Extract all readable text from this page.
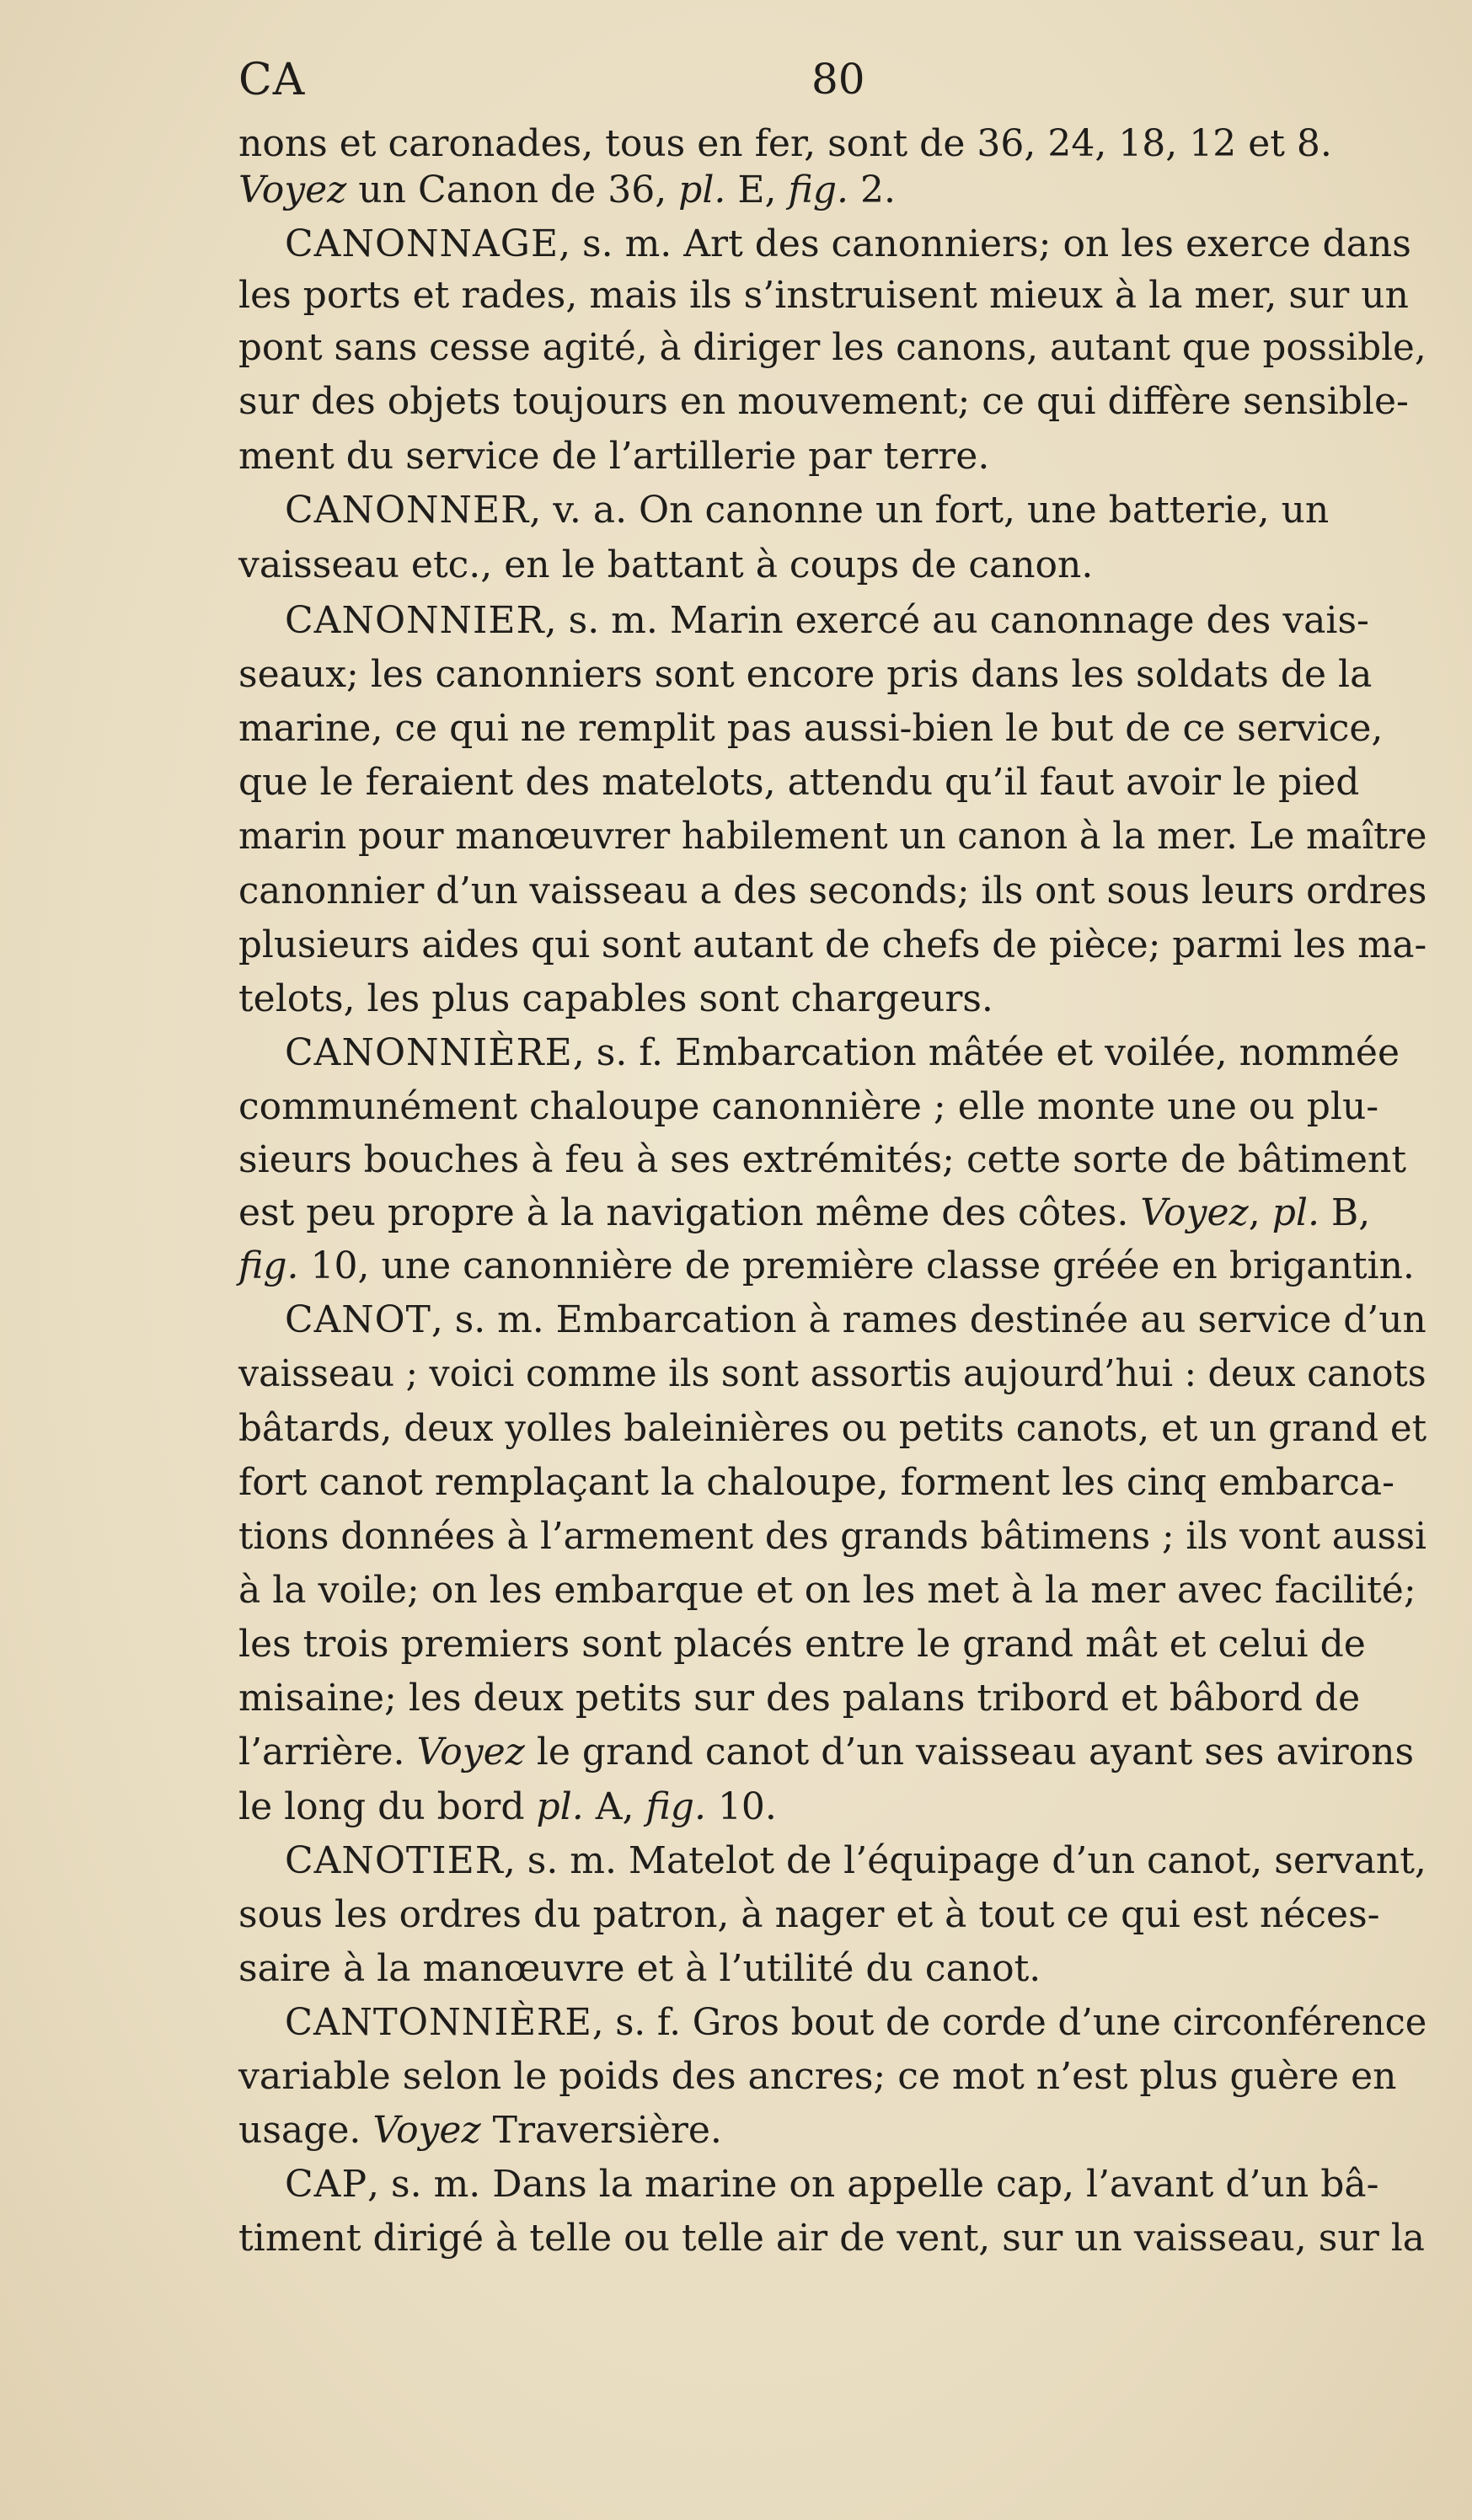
CA	80
nons et caronades, tous en fer, sont de 36, 24, 18, 12 et 8.
Voyez un Canon de 36, pl. E, fig. 2.
CANONNAGE, s. m. Art des canonniers; on les exerce dans
les ports et rades, mais ils s’instruisent mieux à la mer, sur un
pont sans cesse agité, à diriger les canons, autant que possible,
sur des objets toujours en mouvement; ce qui diffère sensible-
ment du service de l’artillerie par terre.
CANONNER, v. a. On canonne un fort, une batterie, un
vaisseau etc., en le battant à coups de canon.
CANONNIER, s. m. Marin exercé au canonnage des vais-
seaux; les canonniers sont encore pris dans les soldats de la
marine, ce qui ne remplit pas aussi-bien le but de ce service,
que le feraient des matelots, attendu qu’il faut avoir le pied
marin pour manœuvrer habilement un canon à la mer. Le maître
canonnier d’un vaisseau a des seconds; ils ont sous leurs ordres
plusieurs aides qui sont autant de chefs de pièce; parmi les ma-
telots, les plus capables sont chargeurs.
CANONNIÈRE, s. f. Embarcation mâtée et voilée, nommée
communément chaloupe canonnière ; elle monte une ou plu-
sieurs bouches à feu à ses extrémités; cette sorte de bâtiment
est peu propre à la navigation même des côtes. Voyez, pl. B,
fig. 10, une canonnière de première classe gréée en brigantin.
CANOT, s. m. Embarcation à rames destinée au service d’un
vaisseau ; voici comme ils sont assortis aujourd’hui : deux canots
bâtards, deux yolles baleinières ou petits canots, et un grand et
fort canot remplaçant la chaloupe, forment les cinq embarca-
tions données à l’armement des grands bâtimens ; ils vont aussi
à la voile; on les embarque et on les met à la mer avec facilité;
les trois premiers sont placés entre le grand mât et celui de
misaine; les deux petits sur des palans tribord et bâbord de
l’arrière. Voyez le grand canot d’un vaisseau ayant ses avirons
le long du bord pl. A, fig. 10.
CANOTIER, s. m. Matelot de l’équipage d’un canot, servant,
sous les ordres du patron, à nager et à tout ce qui est néces-
saire à la manœuvre et à l’utilité du canot.
CANTONNIÈRE, s. f. Gros bout de corde d’une circonférence
variable selon le poids des ancres; ce mot n’est plus guère en
usage. Voyez Traversière.
CAP, s. m. Dans la marine on appelle cap, l’avant d’un bâ-
timent dirigé à telle ou telle air de vent, sur un vaisseau, sur la
